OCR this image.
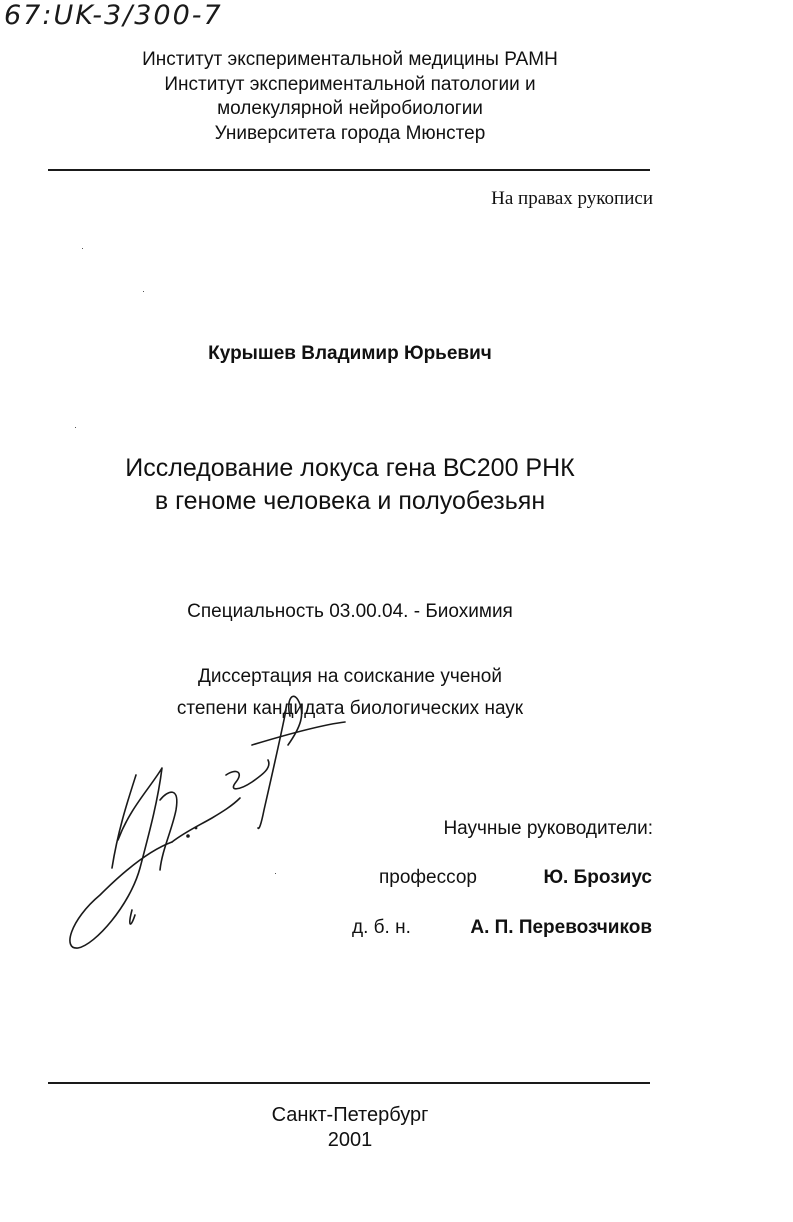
67:UK-3/300-7
Институт экспериментальной медицины РАМН
Институт экспериментальной патологии и
молекулярной нейробиологии
Университета города Мюнстер
На правах рукописи
Курышев Владимир Юрьевич
Исследование локуса гена ВС200 РНК
в геноме человека и полуобезьян
Специальность 03.00.04. - Биохимия
Диссертация на соискание ученой
степени кандидата биологических наук
Научные руководители:
профессор	Ю. Брозиус
д. б. н.	А. П. Перевозчиков
Санкт-Петербург
2001
